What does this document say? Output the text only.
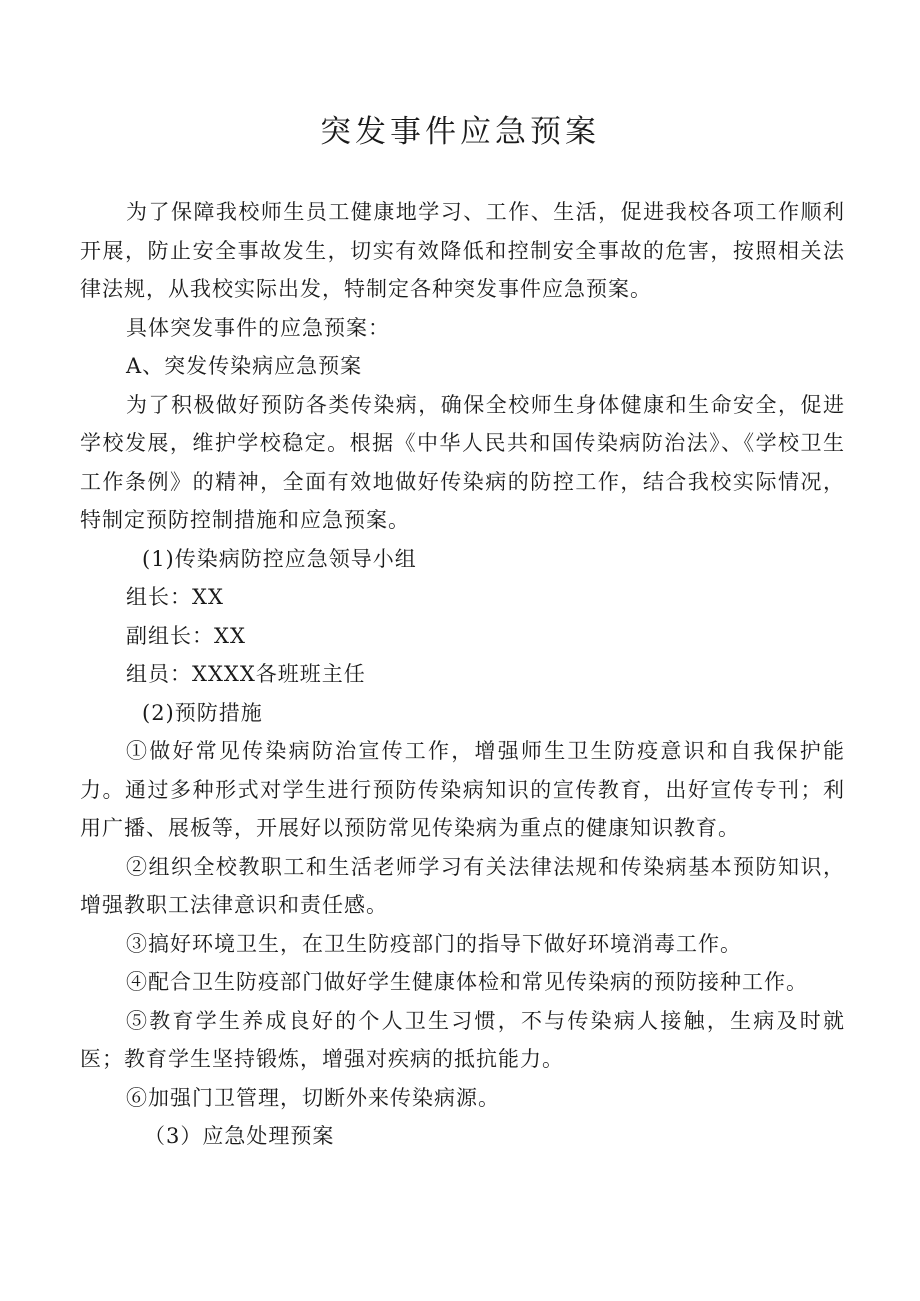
突发事件应急预案

为了保障我校师生员工健康地学习、工作、生活，促进我校各项工作顺利开展，防止安全事故发生，切实有效降低和控制安全事故的危害，按照相关法律法规，从我校实际出发，特制定各种突发事件应急预案。

具体突发事件的应急预案：

A、突发传染病应急预案

为了积极做好预防各类传染病，确保全校师生身体健康和生命安全，促进学校发展，维护学校稳定。根据《中华人民共和国传染病防治法》、《学校卫生工作条例》的精神，全面有效地做好传染病的防控工作，结合我校实际情况，特制定预防控制措施和应急预案。

(1)传染病防控应急领导小组

组长：XX

副组长：XX

组员：XXXX各班班主任

(2)预防措施

①做好常见传染病防治宣传工作，增强师生卫生防疫意识和自我保护能力。通过多种形式对学生进行预防传染病知识的宣传教育，出好宣传专刊；利用广播、展板等，开展好以预防常见传染病为重点的健康知识教育。

②组织全校教职工和生活老师学习有关法律法规和传染病基本预防知识，增强教职工法律意识和责任感。

③搞好环境卫生，在卫生防疫部门的指导下做好环境消毒工作。

④配合卫生防疫部门做好学生健康体检和常见传染病的预防接种工作。

⑤教育学生养成良好的个人卫生习惯，不与传染病人接触，生病及时就医；教育学生坚持锻炼，增强对疾病的抵抗能力。

⑥加强门卫管理，切断外来传染病源。

（3）应急处理预案
